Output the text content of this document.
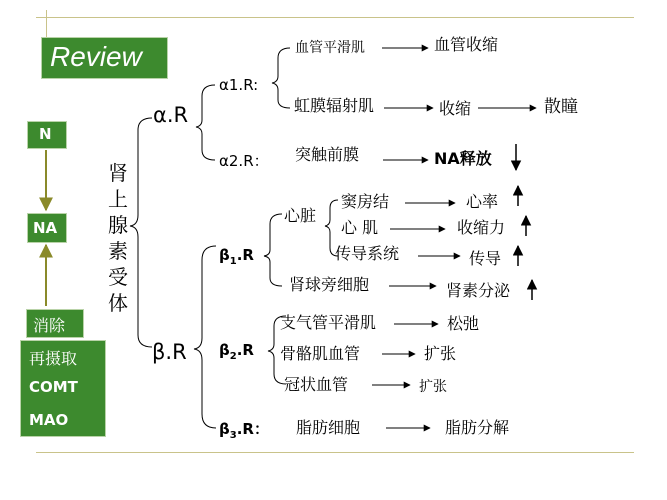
Review
N
NA
消除
再摄取
COMT
MAO
肾
上
腺
素
受
体
α.R
α1.R:
血管平滑肌	血管收缩
虹膜辐射肌	收缩	散瞳
α2.R： 突触前膜	NA释放
β.R
$\beta_1.R$
心脏
窦房结	心率
心 肌	收缩力
传导系统	传导
肾球旁细胞	肾素分泌
$\beta_2.R$
支气管平滑肌	松弛
骨骼肌血管	扩张
冠状血管	扩张
$\beta_3.R$： 脂肪细胞	脂肪分解
